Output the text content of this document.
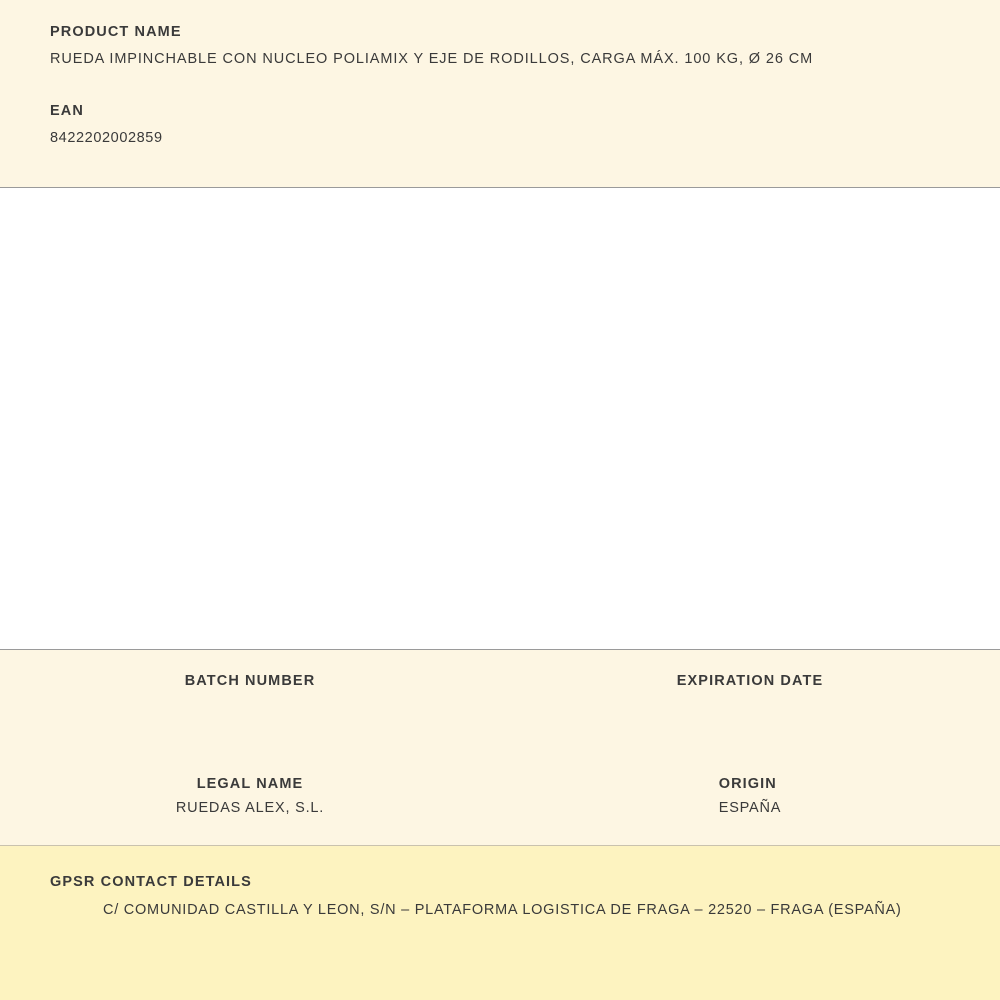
PRODUCT NAME

RUEDA IMPINCHABLE CON NUCLEO POLIAMIX Y EJE DE RODILLOS, CARGA MÁX. 100 KG, Ø 26 CM

EAN

8422202002859

BATCH NUMBER	EXPIRATION DATE

LEGAL NAME

RUEDAS ALEX, S.L.

ORIGIN

ESPAÑA

GPSR CONTACT DETAILS

C/ COMUNIDAD CASTILLA Y LEON, S/N – PLATAFORMA LOGISTICA DE FRAGA – 22520 – FRAGA (ESPAÑA)
